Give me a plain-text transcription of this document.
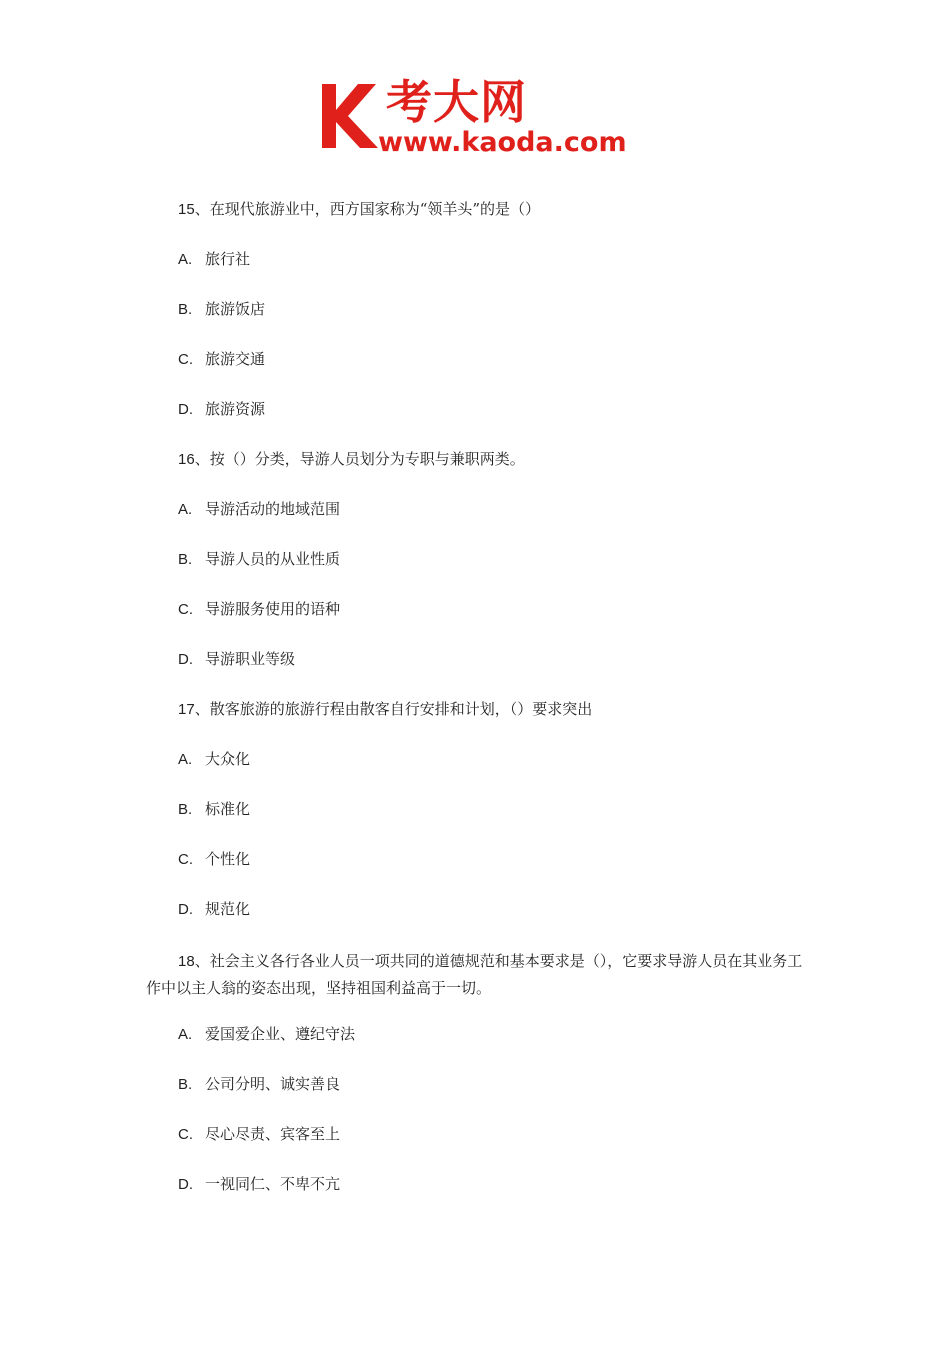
考大网
www.kaoda.com
15、在现代旅游业中，西方国家称为“领羊头”的是（）
A. 旅行社
B. 旅游饭店
C. 旅游交通
D. 旅游资源
16、按（）分类，导游人员划分为专职与兼职两类。
A. 导游活动的地域范围
B. 导游人员的从业性质
C. 导游服务使用的语种
D. 导游职业等级
17、散客旅游的旅游行程由散客自行安排和计划，（）要求突出
A. 大众化
B. 标准化
C. 个性化
D. 规范化
18、社会主义各行各业人员一项共同的道德规范和基本要求是（），它要求导游人员在其业务工作中以主人翁的姿态出现，坚持祖国利益高于一切。
A. 爱国爱企业、遵纪守法
B. 公司分明、诚实善良
C. 尽心尽责、宾客至上
D. 一视同仁、不卑不亢
